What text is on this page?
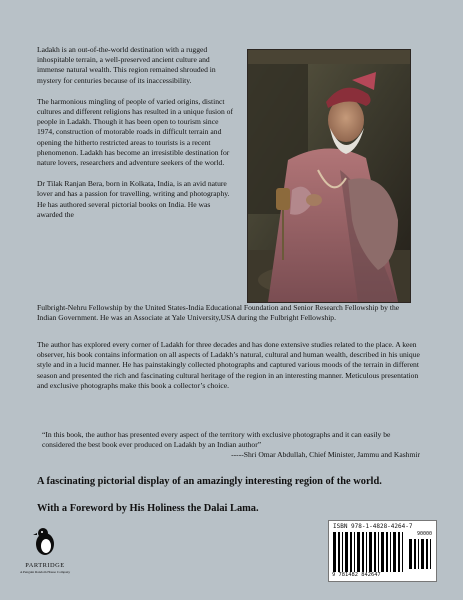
Ladakh is an out-of-the-world destination with a rugged inhospitable terrain, a well-preserved ancient culture and immense natural wealth. This region remained shrouded in mystery for centuries because of its inaccessibility.

The harmonious mingling of people of varied origins, distinct cultures and different religions has resulted in a unique fusion of people in Ladakh. Though it has been open to tourism since 1974, construction of motorable roads in difficult terrain and opening the hitherto restricted areas to tourists is a recent phenomenon. Ladakh has become an irresistible destination for nature lovers, researchers and adventure seekers of the world.

Dr Tilak Ranjan Bera, born in Kolkata, India, is an avid nature lover and has a passion for travelling, writing and photography. He has authored several pictorial books on India. He was awarded the

Fulbright-Nehru Fellowship by the United States-India Educational Foundation and Senior Research Fellowship by the Indian Government. He was an Associate at Yale University,USA during the Fulbright Fellowship.
The author has explored every corner of Ladakh for three decades and has done extensive studies related to the place. A keen observer, his book contains information on all aspects of Ladakh’s natural, cultural and human wealth, described in his unique style and in a lucid manner. He has painstakingly collected photographs and captured various moods of the terrain in different season and presented the rich and fascinating cultural heritage of the region in an interesting manner. Meticulous presentation and exclusive photographs make this book a collector’s choice.
“In this book, the author has presented every aspect of the territory with exclusive photographs and it can easily be considered the best book ever produced on Ladakh by an Indian author”
-----Shri Omar Abdullah, Chief Minister, Jammu and Kashmir
A fascinating pictorial display of an amazingly interesting region of the world.
With a Foreword by His Holiness the Dalai Lama.
PARTRIDGE
A Penguin Random House Company
ISBN 978-1-4828-4264-7
90000
9 781482 842647
